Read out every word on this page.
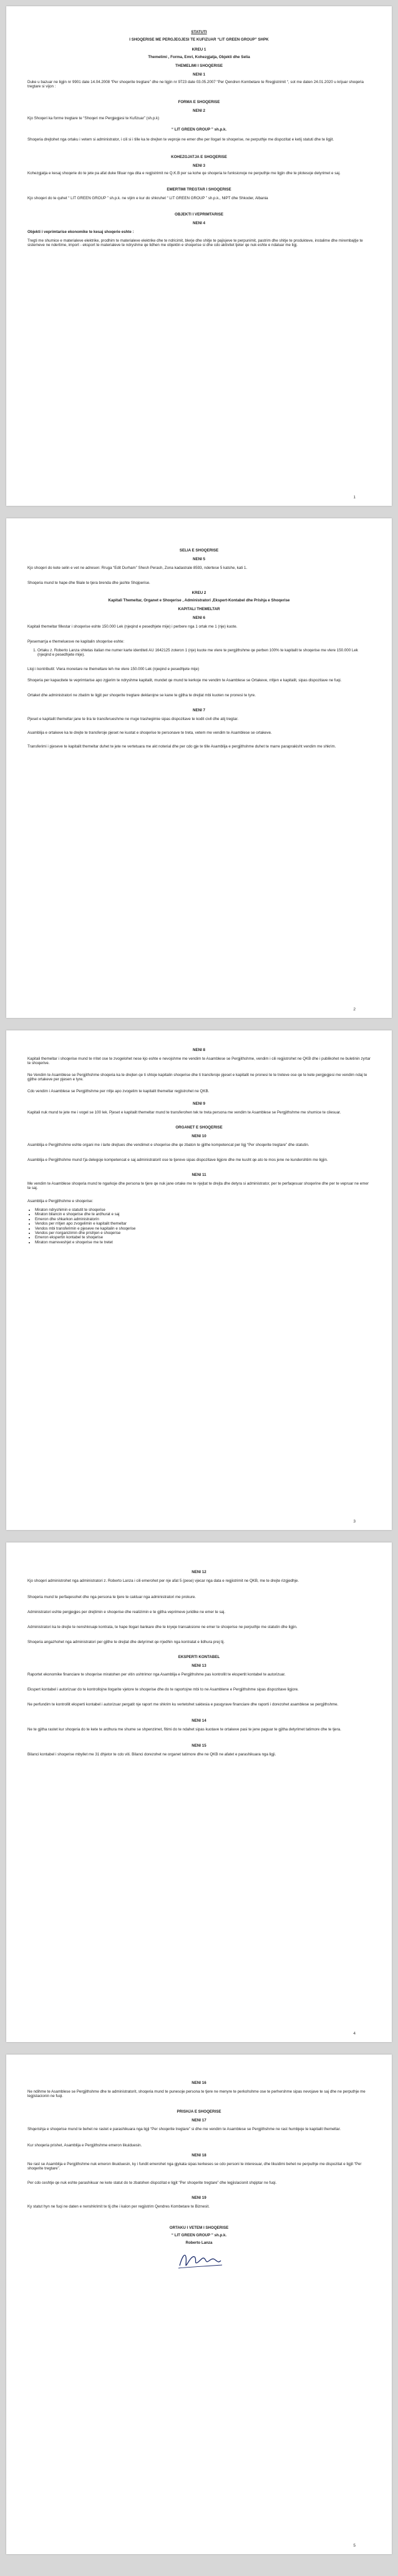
STATUTI

I SHOQERISE ME PERGJEGJESI TE KUFIZUAR “LIT GREEN GROUP” SHPK

KREU 1

Themelimi , Forma, Emri, Kohezgjatja, Objekti dhe Selia

THEMELIMI I SHOQERISE

NENI 1

Duke u bazuar ne ligjin nr 9901 date 14.04.2008 “Per shoqerite tregtare” dhe ne ligjin nr 9723 date 03.05.2007 “Per Qendren Kombetare te Rregjistrimit “, sot me daten 24.01.2020 u krijuar shoqeria tregtare si vijon :

FORMA E SHOQERISE

NENI 2

Kjo Shoqeri ka forme tregtare te “Shoqeri me Pergjegjesi te Kufizuar” (sh.p.k)

“ LIT GREEN GROUP ” sh.p.k.

Shoqeria drejtohet nga ortaku i vetem si administrator, i cili si i tille ka te drejten te veproje ne emer dhe per llogari te shoqerise, ne perputhje me dispozitat e ketij statuti dhe te ligjit.

KOHEZGJATJA E SHOQERISE

NENI 3

Kohezgjatja e kesaj shoqerie do te jete pa afat duke filluar nga dita e regjistrimit ne Q.K.B per sa kohe qe shoqeria te funksionoje ne perputhje me ligjin dhe te plotesoje detyrimet e saj.

EMERTIMI TREGTAR I SHOQERISE

Kjo shoqeri do te quhet “ LIT GREEN GROUP ” sh.p.k. ne vijim e kur do shkruhet “ LIT GREEN GROUP ” sh.p.k., NIPT dhe Shkoder, Albania

OBJEKTI I VEPRIMTARISE

NENI 4

Objekti i veprimtarise ekonomike te kesaj shoqerie eshte :

Tregti me shumice e materialeve elektrike, prodhim te materialeve elektrike dhe te ndricimit, blerje dhe shitje te pajisjeve te perpunimit, pastrim dhe shitje te produkteve, instalime dhe mirembajtje te sistemeve ne ndertime, import - eksport te materialeve te ndryshme qe lidhen me objektin e shoqerise si dhe cdo aktivitet tjeter qe nuk eshte e ndaluar me ligj.

1

SELIA E SHOQERISE

NENI 5

Kjo shoqeri do kete selin e vet ne adresen: Rruga “Edit Durham” Shesh Perash, Zona kadastrale 8593, ndertese 5 katshe, kati 1.

Shoqeria mund te hape dhe filiale te tjera brenda dhe jashte Shqiperise.

KREU 2

Kapitali Themeltar, Organet e Shoqerise , Administratori ,Ekspert-Kontabel dhe Prishja e Shoqerise

KAPITALI THEMELTAR

NENI 6

Kapitali themeltar fillestar i shoqerise eshte 150.000 Lek (njeqind e pesedhjete mije) i perbere nga 1 ortak me 1 (nje) kuote.

Pjesemarrja e themeluesve ne kapitalin shoqerise eshte:

1. Ortaku z. Roberto Lanza shtetas italian me numer karte identiteti AU 1642125 zoteron 1 (nje) kuote me vlere te pergjithshme qe perben 100% te kapitalit te shoqerise me vlere 150.000 Lek (njeqind e pesedhjete mije).

Lloji i kontributit: Vlera monetare ne themeltare leh me vlere 150.000 Lek (njeqind e pesedhjete mije)

Shoqeria per kapacitete te veprimtarise apo zgjerim te ndryshme kapitalit, mundet qe mund te kerkoje me vendim te Asamblese se Ortakeve, rritjen e kapitalit, sipas dispozitave ne fuqi.

Ortaket dhe administratori ne zbatim te ligjit per shoqerite tregtare deklarojne se kane te gjitha te drejtat mbi kuoten ne pronesi te tyre.

NENI 7

Pjeset e kapitalit themeltar jane te lira te transferueshme ne rruge trashegimie sipas dispozitave te kodit civil dhe atij tregtar.

Asamblija e ortakeve ka te drejte te transferoje pjeset ne kuotat e shoqerise te personave te treta, vetem me vendim te Asamblese se ortakeve.

Transferimi i pjeseve te kapitalit themeltar duhet te jete ne vertetuara me akt noterial dhe per cdo gje te tille Asamblija e pergjithshme duhet te marre paraprakisht vendim me shkrim.

2

NENI 8

Kapitali themeltar i shoqerise mund te rritet ose te zvogelohet nese kjo eshte e nevojshme me vendim te Asamblese se Pergjithshme, vendim i cili regjistrohet ne QKB dhe i publikohet ne buletinin zyrtar te shoqerive.

Ne Vendim te Asamblese se Pergjithshme shoqeria ka te drejten qe ti shtoje kapitalin shoqerise dhe ti transferoje pjeset e kapitalit ne pronesi te te treteve ose qe te kete pergjegjesi me vendim ndaj te gjithe ortakeve per pjesen e tyre.

Cdo vendim i Asamblese se Pergjithshme per rritje apo zvogelim te kapitalit themeltar regjistrohet ne QKB.

NENI 9

Kapitali nuk mund te jete me i vogel se 100 lek. Pjeset e kapitalit themeltar mund te transferohen tek te treta persona me vendim te Asamblese se Pergjithshme me shumice te cilesuar.

ORGANET E SHOQERISE

NENI 10

Asamblija e Pergjithshme eshte organi me i larte drejtues dhe vendimet e shoqerise dhe qe zbaton te gjithe kompetencat per ligj “Per shoqerite tregtare” dhe statutin.

Asamblija e Pergjithshme mund t'ja delegoje kompetencat e saj administratorit ose te tjereve sipas dispozitave ligjore dhe me kusht qe ato te mos jene ne kundershtim me ligjin.

NENI 11

Me vendim te Asamblese shoqeria mund te ngarkoje dhe persona te tjere qe nuk jane ortake me te njejtat te drejta dhe detyra si administrator, per te perfaqesuar shoqerine dhe per te vepruar ne emer te saj.

Asamblija e Pergjithshme e shoqerise:

• Miraton ndryshimin e statutit te shoqerise
• Miraton bilancin e shoqerise dhe te ardhurat e saj
• Emeron dhe shkarkon administratorin
• Vendos per rritjen apo zvogelimin e kapitalit themeltar
• Vendos mbi transferimin e pjeseve ne kapitalin e shoqerise
• Vendos per riorganizimin dhe prishjen e shoqerise
• Emeron ekspertin kontabel te shoqerise
• Miraton marreveshjet e shoqerise me te tretet
3

NENI 12

Kjo shoqeri administrohet nga administratori z. Roberto Lanza i cili emerohet per nje afat 5 (pese) vjecar nga data e regjistrimit ne QKB, me te drejte rizgjedhje.

Shoqeria mund te perfaqesohet dhe nga persona te tjere te caktuar nga administratori me prokure.

Administratori eshte pergjegjes per drejtimin e shoqerise dhe realizimin e te gjitha veprimeve juridike ne emer te saj.

Administratori ka te drejte te nenshkruaje kontrata, te hape llogari bankare dhe te kryeje transaksione ne emer te shoqerise ne perputhje me statutin dhe ligjin.

Shoqeria angazhohet nga administratori per gjithe te drejtat dhe detyrimet qe rrjedhin nga kontratat e lidhura prej tij.

EKSPERTI KONTABEL

NENI 13

Raportet ekonomike financiare te shoqerise miratohen per vitin ushtrimor nga Asamblija e Pergjithshme pas kontrollit te ekspertit kontabel te autorizuar.

Ekspert kontabel i autorizuar do te kontrollojne llogarite vjetore te shoqerise dhe do te raportojne mbi to ne Asamblene e Pergjithshme sipas dispozitave ligjore.

Ne perfundim te kontrollit eksperti kontabel i autorizuar pergatit nje raport me shkrim ku vertetohet saktesia e pasqyrave financiare dhe raporti i dorezohet asamblese se pergjithshme.

NENI 14

Ne te gjitha rastet kur shoqeria do te kete te ardhura me shume se shpenzimet, fitimi do te ndahet sipas kuotave te ortakeve pasi te jene paguar te gjitha detyrimet tatimore dhe te tjera.

NENI 15

Bilanci kontabel i shoqerise mbyllet me 31 dhjetor te cdo viti. Bilanci dorezohet ne organet tatimore dhe ne QKB ne afatet e parashikuara nga ligji.

4

NENI 16

Ne ndihme te Asamblese se Pergjithshme dhe te administratorit, shoqeria mund te punesoje persona te tjere ne menyre te perkohshme ose te perhershme sipas nevojave te saj dhe ne perputhje me legjislacionin ne fuqi.

PRISHJA E SHOQERISE

NENI 17

Shqerishja e shoqerise mund te behet ne rastet e parashikuara nga ligji “Per shoqerite tregtare” si dhe me vendim te Asamblese se Pergjithshme ne rast humbjeje te kapitalit themeltar.

Kur shoqeria prishet, Asamblija e Pergjithshme emeron likuiduesin.

NENI 18

Ne rast se Asamblija e Pergjithshme nuk emeron likuiduesin, ky i fundit emerohet nga gjykata sipas kerkeses se cdo personi te interesuar, dhe likuidimi behet ne perputhje me dispozitat e ligjit “Per shoqerite tregtare”.

Per cdo ceshtje qe nuk eshte parashikuar ne kete statut do te zbatohen dispozitat e ligjit “Per shoqerite tregtare” dhe legjislacionit shqiptar ne fuqi.

NENI 19

Ky statut hyn ne fuqi ne daten e nenshkrimit te tij dhe i kalon per regjistrim Qendres Kombetare te Biznesit.

ORTAKU I VETEM I SHOQERISE

“ LIT GREEN GROUP ” sh.p.k.

Roberto Lanza

5
